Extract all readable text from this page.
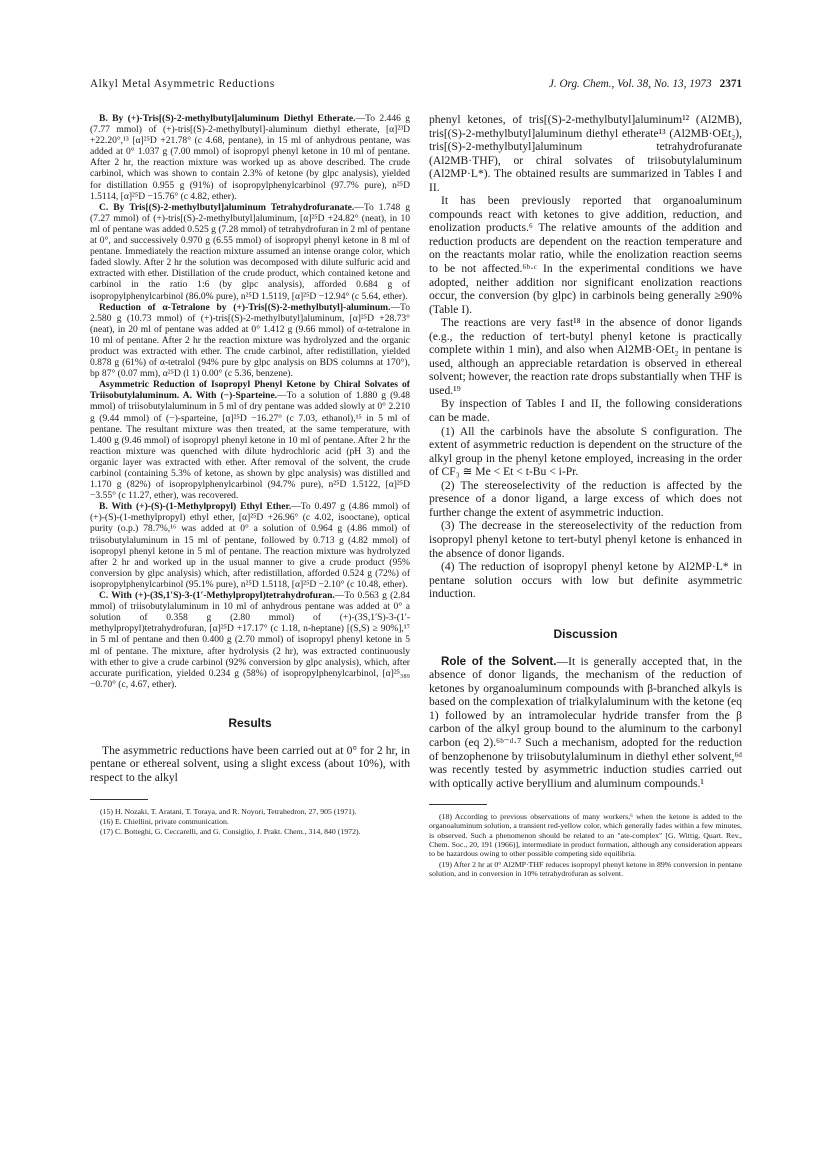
Alkyl Metal Asymmetric Reductions	J. Org. Chem., Vol. 38, No. 13, 1973 2371

B. By (+)-Tris[(S)-2-methylbutyl]aluminum Diethyl Etherate.—To 2.446 g (7.77 mmol) of (+)-tris[(S)-2-methylbutyl]-aluminum diethyl etherate, [α]²³D +22.20°,¹³ [α]²⁵D +21.78° (c 4.68, pentane), in 15 ml of anhydrous pentane, was added at 0° 1.037 g (7.00 mmol) of isopropyl phenyl ketone in 10 ml of pentane. After 2 hr, the reaction mixture was worked up as above described. The crude carbinol, which was shown to contain 2.3% of ketone (by glpc analysis), yielded for distillation 0.955 g (91%) of isopropylphenylcarbinol (97.7% pure), n²⁵D 1.5114, [α]²⁵D −15.76° (c 4.82, ether).

C. By Tris[(S)-2-methylbutyl]aluminum Tetrahydrofuranate.—To 1.748 g (7.27 mmol) of (+)-tris[(S)-2-methylbutyl]aluminum, [α]²⁵D +24.82° (neat), in 10 ml of pentane was added 0.525 g (7.28 mmol) of tetrahydrofuran in 2 ml of pentane at 0°, and successively 0.970 g (6.55 mmol) of isopropyl phenyl ketone in 8 ml of pentane. Immediately the reaction mixture assumed an intense orange color, which faded slowly. After 2 hr the solution was decomposed with dilute sulfuric acid and extracted with ether. Distillation of the crude product, which contained ketone and carbinol in the ratio 1:6 (by glpc analysis), afforded 0.684 g of isopropylphenylcarbinol (86.0% pure), n²⁵D 1.5119, [α]²⁵D −12.94° (c 5.64, ether).

Reduction of α-Tetralone by (+)-Tris[(S)-2-methylbutyl]-aluminum.—To 2.580 g (10.73 mmol) of (+)-tris[(S)-2-methylbutyl]aluminum, [α]²⁵D +28.73° (neat), in 20 ml of pentane was added at 0° 1.412 g (9.66 mmol) of α-tetralone in 10 ml of pentane. After 2 hr the reaction mixture was hydrolyzed and the organic product was extracted with ether. The crude carbinol, after redistillation, yielded 0.878 g (61%) of α-tetralol (94% pure by glpc analysis on BDS columns at 170°), bp 87° (0.07 mm), α²⁵D (l 1) 0.00° (c 5.36, benzene).

Asymmetric Reduction of Isopropyl Phenyl Ketone by Chiral Solvates of Triisobutylaluminum. A. With (−)-Sparteine.—To a solution of 1.880 g (9.48 mmol) of triisobutylaluminum in 5 ml of dry pentane was added slowly at 0° 2.210 g (9.44 mmol) of (−)-sparteine, [α]²⁵D −16.27° (c 7.03, ethanol),¹⁵ in 5 ml of pentane. The resultant mixture was then treated, at the same temperature, with 1.400 g (9.46 mmol) of isopropyl phenyl ketone in 10 ml of pentane. After 2 hr the reaction mixture was quenched with dilute hydrochloric acid (pH 3) and the organic layer was extracted with ether. After removal of the solvent, the crude carbinol (containing 5.3% of ketone, as shown by glpc analysis) was distilled and 1.170 g (82%) of isopropylphenylcarbinol (94.7% pure), n²⁵D 1.5122, [α]²⁵D −3.55° (c 11.27, ether), was recovered.

B. With (+)-(S)-(1-Methylpropyl) Ethyl Ether.—To 0.497 g (4.86 mmol) of (+)-(S)-(1-methylpropyl) ethyl ether, [α]²⁵D +26.96° (c 4.02, isooctane), optical purity (o.p.) 78.7%,¹⁶ was added at 0° a solution of 0.964 g (4.86 mmol) of triisobutylaluminum in 15 ml of pentane, followed by 0.713 g (4.82 mmol) of isopropyl phenyl ketone in 5 ml of pentane. The reaction mixture was hydrolyzed after 2 hr and worked up in the usual manner to give a crude product (95% conversion by glpc analysis) which, after redistillation, afforded 0.524 g (72%) of isopropylphenylcarbinol (95.1% pure), n²⁵D 1.5118, [α]²⁵D −2.10° (c 10.48, ether).

C. With (+)-(3S,1′S)-3-(1′-Methylpropyl)tetrahydrofuran.—To 0.563 g (2.84 mmol) of triisobutylaluminum in 10 ml of anhydrous pentane was added at 0° a solution of 0.358 g (2.80 mmol) of (+)-(3S,1′S)-3-(1′-methylpropyl)tetrahydrofuran, [α]²⁵D +17.17° (c 1.18, n-heptane) [(S,S) ≥ 90%],¹⁷ in 5 ml of pentane and then 0.400 g (2.70 mmol) of isopropyl phenyl ketone in 5 ml of pentane. The mixture, after hydrolysis (2 hr), was extracted continuously with ether to give a crude carbinol (92% conversion by glpc analysis), which, after accurate purification, yielded 0.234 g (58%) of isopropylphenylcarbinol, [α]²⁵₃₈₉ −0.70° (c, 4.67, ether).

Results

The asymmetric reductions have been carried out at 0° for 2 hr, in pentane or ethereal solvent, using a slight excess (about 10%), with respect to the alkyl

(15) H. Nozaki, T. Aratani, T. Toraya, and R. Noyori, Tetrahedron, 27, 905 (1971).

(16) E. Chiellini, private communication.

(17) C. Botteghi, G. Ceccarelli, and G. Consiglio, J. Prakt. Chem., 314, 840 (1972).

phenyl ketones, of tris[(S)-2-methylbutyl]aluminum¹² (Al2MB), tris[(S)-2-methylbutyl]aluminum diethyl etherate¹³ (Al2MB·OEt₂), tris[(S)-2-methylbutyl]aluminum tetrahydrofuranate (Al2MB·THF), or chiral solvates of triisobutylaluminum (Al2MP·L*). The obtained results are summarized in Tables I and II.

It has been previously reported that organoaluminum compounds react with ketones to give addition, reduction, and enolization products.⁶ The relative amounts of the addition and reduction products are dependent on the reaction temperature and on the reactants molar ratio, while the enolization reaction seems to be not affected.⁶ᵇ·ᶜ In the experimental conditions we have adopted, neither addition nor significant enolization reactions occur, the conversion (by glpc) in carbinols being generally ≥90% (Table I).

The reactions are very fast¹⁸ in the absence of donor ligands (e.g., the reduction of tert-butyl phenyl ketone is practically complete within 1 min), and also when Al2MB·OEt₂ in pentane is used, although an appreciable retardation is observed in ethereal solvent; however, the reaction rate drops substantially when THF is used.¹⁹

By inspection of Tables I and II, the following considerations can be made.

(1) All the carbinols have the absolute S configuration. The extent of asymmetric reduction is dependent on the structure of the alkyl group in the phenyl ketone employed, increasing in the order of CF₃ ≅ Me < Et < t-Bu < i-Pr.

(2) The stereoselectivity of the reduction is affected by the presence of a donor ligand, a large excess of which does not further change the extent of asymmetric induction.

(3) The decrease in the stereoselectivity of the reduction from isopropyl phenyl ketone to tert-butyl phenyl ketone is enhanced in the absence of donor ligands.

(4) The reduction of isopropyl phenyl ketone by Al2MP·L* in pentane solution occurs with low but definite asymmetric induction.

Discussion

Role of the Solvent.—It is generally accepted that, in the absence of donor ligands, the mechanism of the reduction of ketones by organoaluminum compounds with β-branched alkyls is based on the complexation of trialkylaluminum with the ketone (eq 1) followed by an intramolecular hydride transfer from the β carbon of the alkyl group bound to the aluminum to the carbonyl carbon (eq 2).⁶ᵇ⁻ᵈ·⁷ Such a mechanism, adopted for the reduction of benzophenone by triisobutylaluminum in diethyl ether solvent,⁶ᵈ was recently tested by asymmetric induction studies carried out with optically active beryllium and aluminum compounds.¹

(18) According to previous observations of many workers,⁶ when the ketone is added to the organoaluminum solution, a transient red-yellow color, which generally fades within a few minutes, is observed. Such a phenomenon should be related to an "ate-complex" [G. Wittig, Quart. Rev., Chem. Soc., 20, 191 (1966)], intermediate in product formation, although any consideration appears to be hazardous owing to other possible competing side equilibria.

(19) After 2 hr at 0° Al2MP·THF reduces isopropyl phenyl ketone in 89% conversion in pentane solution, and in conversion in 10% tetrahydrofuran as solvent.
